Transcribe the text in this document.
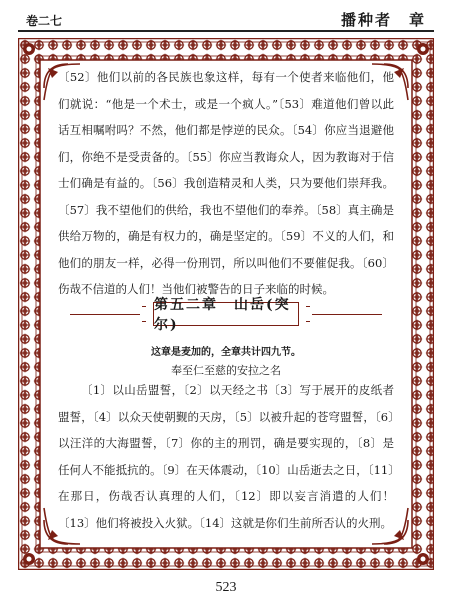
卷二七	播种者　章

〔52〕他们以前的各民族也象这样，每有一个使者来临他们，他们就说：“他是一个术士，或是一个疯人。”〔53〕难道他们曾以此话互相嘱咐吗？不然，他们都是悖逆的民众。〔54〕你应当退避他们，你绝不是受责备的。〔55〕你应当教诲众人，因为教诲对于信士们确是有益的。〔56〕我创造精灵和人类，只为要他们崇拜我。〔57〕我不望他们的供给，我也不望他们的奉养。〔58〕真主确是供给万物的，确是有权力的，确是坚定的。〔59〕不义的人们，和他们的朋友一样，必得一份刑罚，所以叫他们不要催促我。〔60〕伤哉不信道的人们！当他们被警告的日子来临的时候。

第五二章　山岳(突尔)
这章是麦加的，全章共计四九节。
奉至仁至慈的安拉之名

〔1〕以山岳盟誓，〔2〕以天经之书〔3〕写于展开的皮纸者盟誓，〔4〕以众天使朝觐的天房，〔5〕以被升起的苍穹盟誓，〔6〕以汪洋的大海盟誓，〔7〕你的主的刑罚，确是要实现的，〔8〕是任何人不能抵抗的。〔9〕在天体震动，〔10〕山岳逝去之日，〔11〕在那日，伤哉否认真理的人们，〔12〕即以妄言消遣的人们！〔13〕他们将被投入火狱。〔14〕这就是你们生前所否认的火刑。

523
